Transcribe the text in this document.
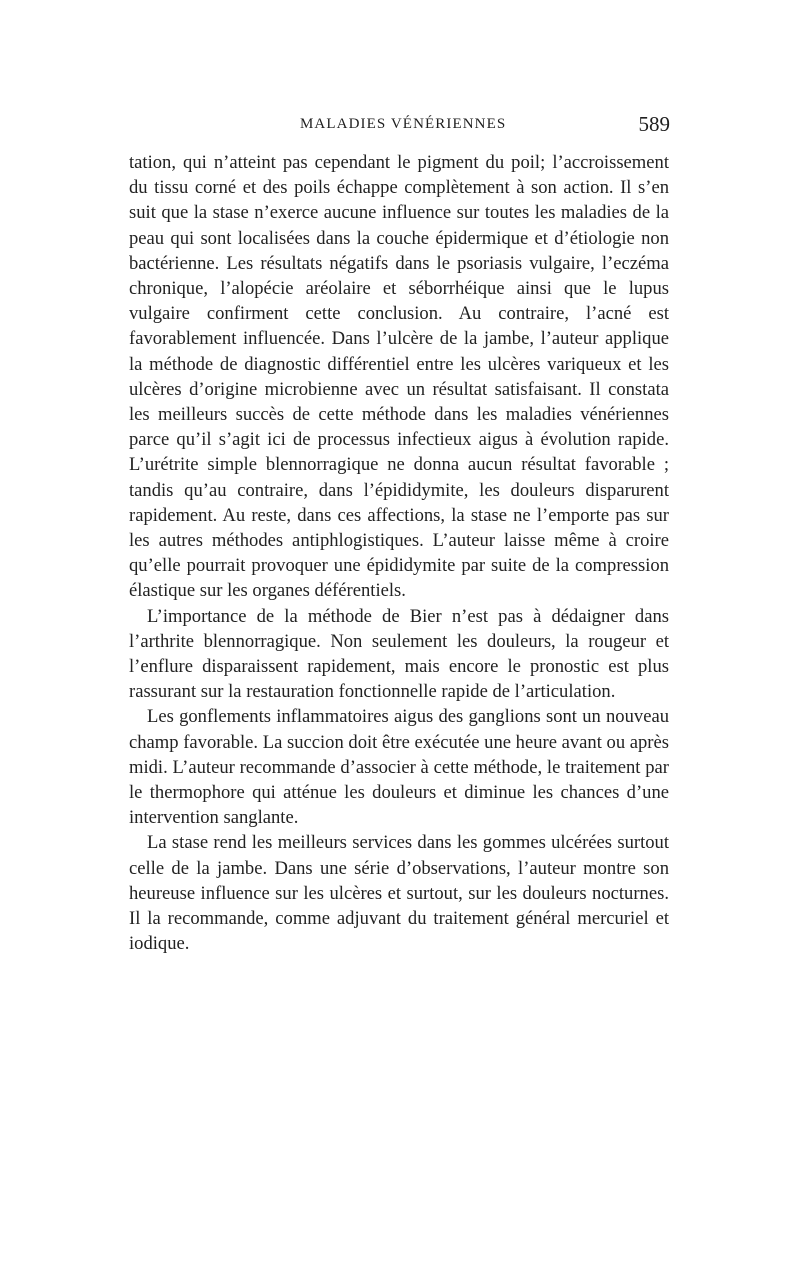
MALADIES VÉNÉRIENNES	589

tation, qui n’atteint pas cependant le pigment du poil; l’accroissement du tissu corné et des poils échappe complètement à son action. Il s’en suit que la stase n’exerce aucune influence sur toutes les maladies de la peau qui sont localisées dans la couche épidermique et d’étiologie non bactérienne. Les résultats négatifs dans le psoriasis vulgaire, l’eczéma chronique, l’alopécie aréolaire et séborrhéique ainsi que le lupus vulgaire confirment cette conclusion. Au contraire, l’acné est favorablement influencée. Dans l’ulcère de la jambe, l’auteur applique la méthode de diagnostic différentiel entre les ulcères variqueux et les ulcères d’origine microbienne avec un résultat satisfaisant. Il constata les meilleurs succès de cette méthode dans les maladies vénériennes parce qu’il s’agit ici de processus infectieux aigus à évolution rapide. L’urétrite simple blennorragique ne donna aucun résultat favorable ; tandis qu’au contraire, dans l’épididymite, les douleurs disparurent rapidement. Au reste, dans ces affections, la stase ne l’emporte pas sur les autres méthodes antiphlogistiques. L’auteur laisse même à croire qu’elle pourrait provoquer une épididymite par suite de la compression élastique sur les organes déférentiels.

L’importance de la méthode de Bier n’est pas à dédaigner dans l’arthrite blennorragique. Non seulement les douleurs, la rougeur et l’enflure disparaissent rapidement, mais encore le pronostic est plus rassurant sur la restauration fonctionnelle rapide de l’articulation.

Les gonflements inflammatoires aigus des ganglions sont un nouveau champ favorable. La succion doit être exécutée une heure avant ou après midi. L’auteur recommande d’associer à cette méthode, le traitement par le thermophore qui atténue les douleurs et diminue les chances d’une intervention sanglante.

La stase rend les meilleurs services dans les gommes ulcérées surtout celle de la jambe. Dans une série d’observations, l’auteur montre son heureuse influence sur les ulcères et surtout, sur les douleurs nocturnes. Il la recommande, comme adjuvant du traitement général mercuriel et iodique.
